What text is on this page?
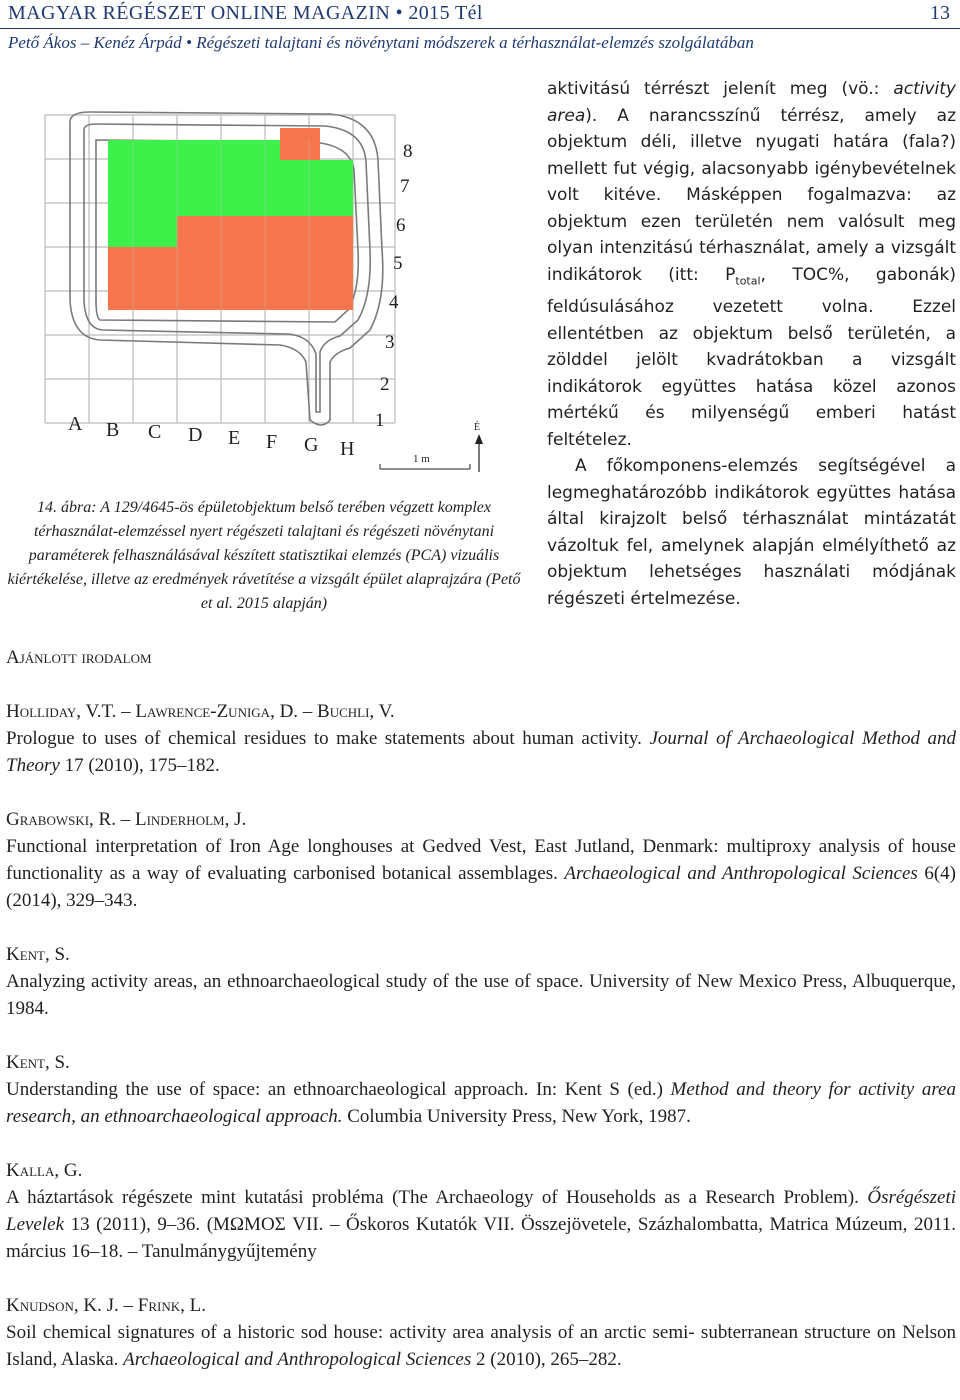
MAGYAR RÉGÉSZET ONLINE MAGAZIN • 2015 Tél	13
Pető Ákos – Kenéz Árpád • Régészeti talajtani és növénytani módszerek a térhasználat-elemzés szolgálatában
A B C D E F G H
1
2
3
4
5
6
7
8
1 m
É
14. ábra: A 129/4645-ös épületobjektum belső terében végzett komplex térhasználat-elemzéssel nyert régészeti talajtani és régészeti növénytani paraméterek felhasználásával készített statisztikai elemzés (PCA) vizuális kiértékelése, illetve az eredmények rávetítése a vizsgált épület alaprajzára (Pető et al. 2015 alapján)

aktivitású térrészt jelenít meg (vö.: activity area). A narancsszínű térrész, amely az objektum déli, illetve nyugati határa (fala?) mellett fut végig, alacsonyabb igénybevételnek volt kitéve. Másképpen fogalmazva: az objektum ezen területén nem valósult meg olyan intenzitású térhasználat, amely a vizsgált indikátorok (itt: $P_{total}$, TOC%, gabonák) feldúsulásához vezetett volna. Ezzel ellentétben az objektum belső területén, a zölddel jelölt kvadrátokban a vizsgált indikátorok együttes hatása közel azonos mértékű és milyenségű emberi hatást feltételez.

A főkomponens-elemzés segítségével a legmeghatározóbb indikátorok együttes hatása által kirajzolt belső térhasználat mintázatát vázoltuk fel, amelynek alapján elmélyíthető az objektum lehetséges használati módjának régészeti értelmezése.

Ajánlott irodalom
Holliday, V.T. – Lawrence-Zuniga, D. – Buchli, V.
Prologue to uses of chemical residues to make statements about human activity. Journal of Archaeological Method and Theory 17 (2010), 175–182.
Grabowski, R. – Linderholm, J.
Functional interpretation of Iron Age longhouses at Gedved Vest, East Jutland, Denmark: multiproxy analysis of house functionality as a way of evaluating carbonised botanical assemblages. Archaeological and Anthropological Sciences 6(4) (2014), 329–343.
Kent, S.
Analyzing activity areas, an ethnoarchaeological study of the use of space. University of New Mexico Press, Albuquerque, 1984.
Kent, S.
Understanding the use of space: an ethnoarchaeological approach. In: Kent S (ed.) Method and theory for activity area research, an ethnoarchaeological approach. Columbia University Press, New York, 1987.
Kalla, G.
A háztartások régészete mint kutatási probléma (The Archaeology of Households as a Research Problem). Ősrégészeti Levelek 13 (2011), 9–36. (ΜΩΜΟΣ VII. – Őskoros Kutatók VII. Összejövetele, Százhalombatta, Matrica Múzeum, 2011. március 16–18. – Tanulmánygyűjtemény
Knudson, K. J. – Frink, L.
Soil chemical signatures of a historic sod house: activity area analysis of an arctic semi- subterranean structure on Nelson Island, Alaska. Archaeological and Anthropological Sciences 2 (2010), 265–282.
